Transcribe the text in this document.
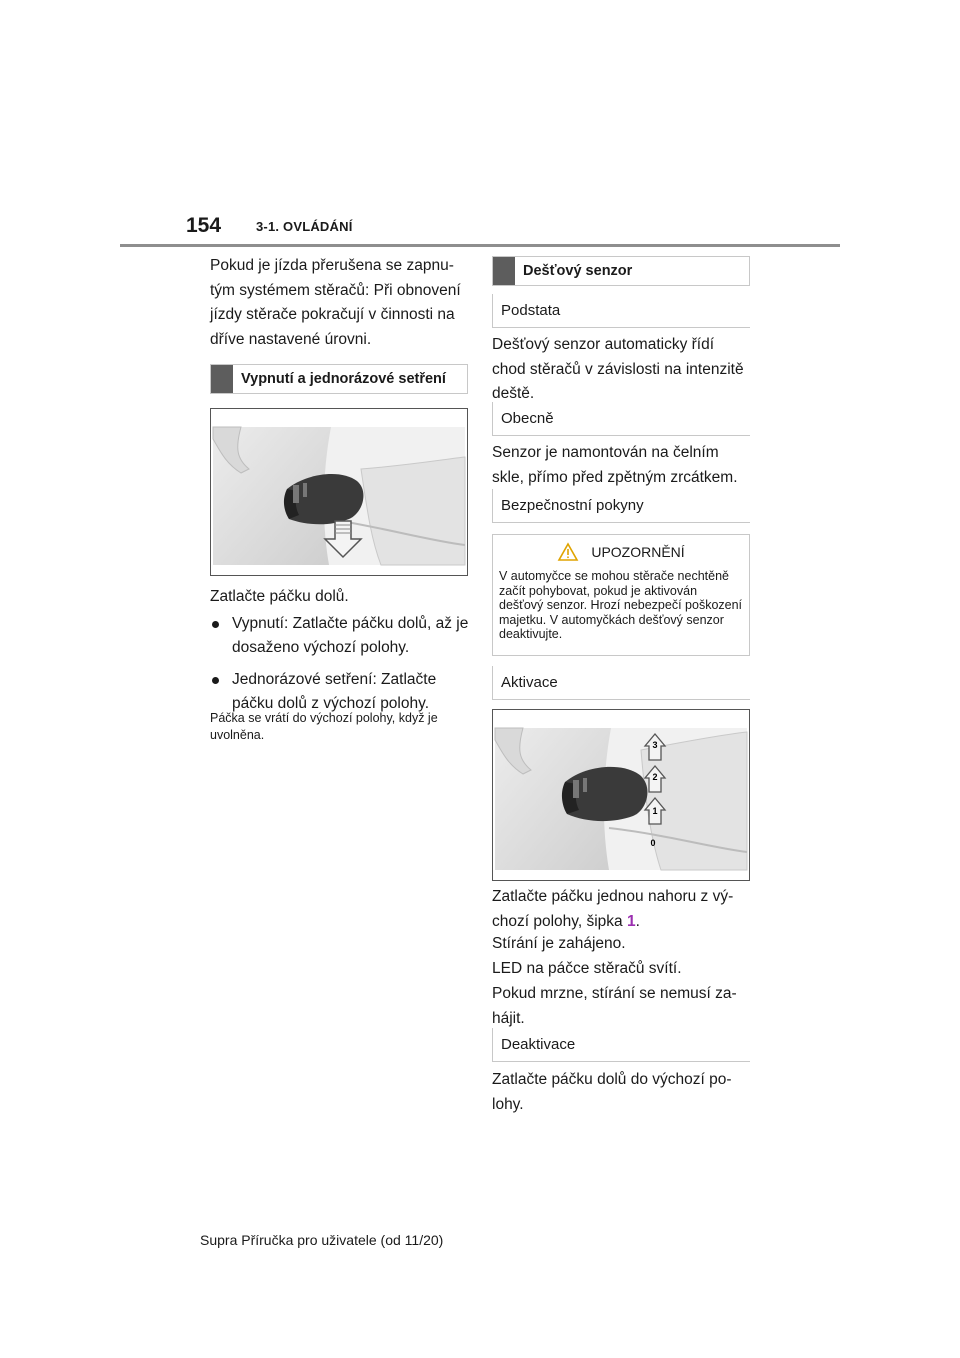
154	3-1. OVLÁDÁNÍ

Pokud je jízda přerušena se zapnutým systémem stěračů: Při obnovení jízdy stěrače pokračují v činnosti na dříve nastavené úrovni.

Vypnutí a jednorázové setření

Zatlačte páčku dolů.

Vypnutí: Zatlačte páčku dolů, až je dosaženo výchozí polohy.
Jednorázové setření: Zatlačte páčku dolů z výchozí polohy.

Páčka se vrátí do výchozí polohy, když je uvolněna.

Dešťový senzor
Podstata

Dešťový senzor automaticky řídí chod stěračů v závislosti na intenzitě deště.

Obecně

Senzor je namontován na čelním skle, přímo před zpětným zrcátkem.

Bezpečnostní pokyny
UPOZORNĚNÍ
V automyčce se mohou stěrače nechtěně začít pohybovat, pokud je aktivován dešťový senzor. Hrozí nebezpečí poškození majetku. V automyčkách dešťový senzor deaktivujte.
Aktivace
3
2
1
0

Zatlačte páčku jednou nahoru z výchozí polohy, šipka 1.

Stírání je zahájeno.

LED na páčce stěračů svítí.

Pokud mrzne, stírání se nemusí zahájit.

Deaktivace

Zatlačte páčku dolů do výchozí polohy.

Supra Příručka pro uživatele (od 11/20)
